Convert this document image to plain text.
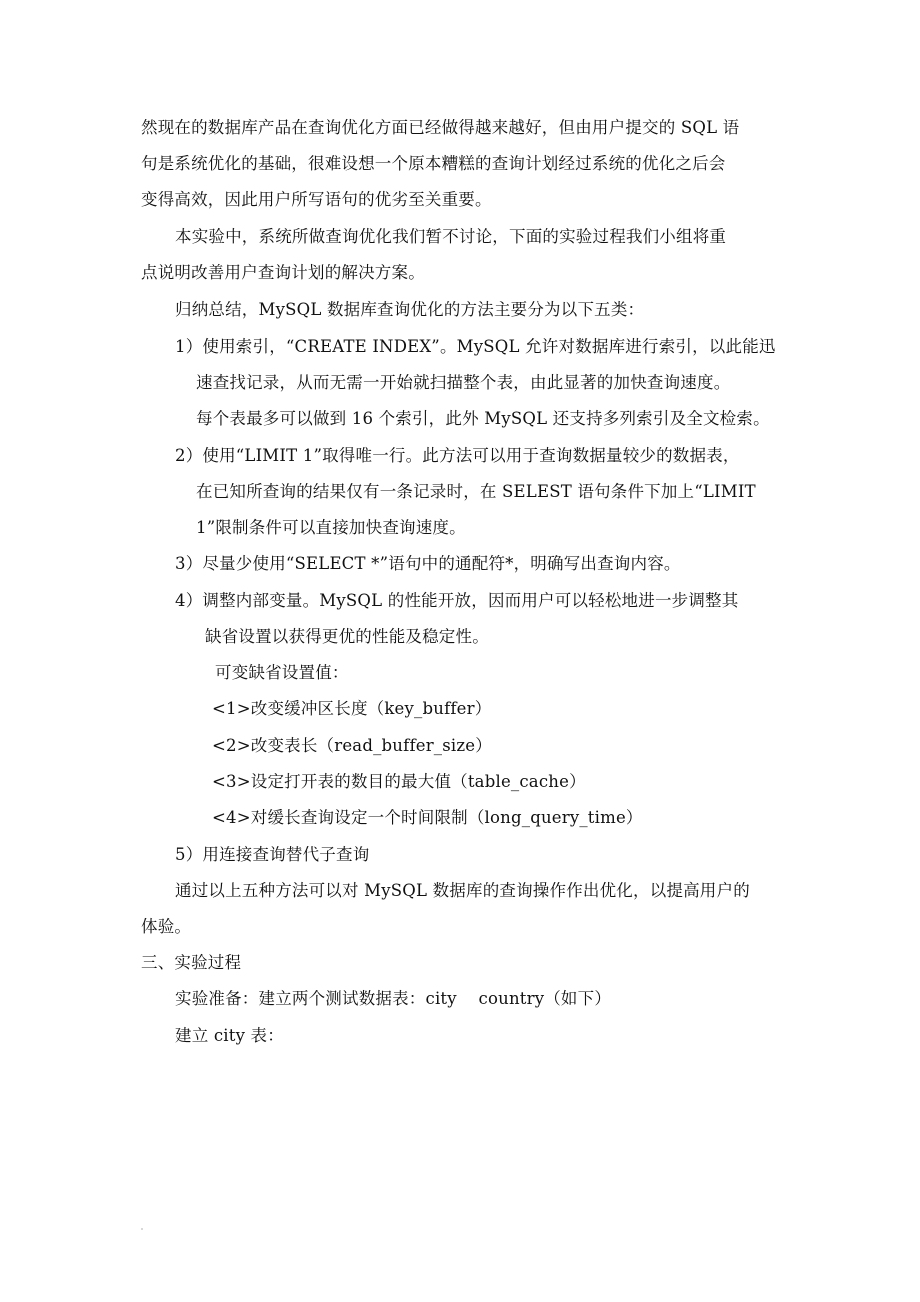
然现在的数据库产品在查询优化方面已经做得越来越好，但由用户提交的 SQL 语
句是系统优化的基础，很难设想一个原本糟糕的查询计划经过系统的优化之后会
变得高效，因此用户所写语句的优劣至关重要。
本实验中，系统所做查询优化我们暂不讨论，下面的实验过程我们小组将重
点说明改善用户查询计划的解决方案。
归纳总结，MySQL 数据库查询优化的方法主要分为以下五类：
1）使用索引，“CREATE INDEX”。MySQL 允许对数据库进行索引，以此能迅
速查找记录，从而无需一开始就扫描整个表，由此显著的加快查询速度。
每个表最多可以做到 16 个索引，此外 MySQL 还支持多列索引及全文检索。
2）使用“LIMIT 1”取得唯一行。此方法可以用于查询数据量较少的数据表，
在已知所查询的结果仅有一条记录时，在 SELEST 语句条件下加上“LIMIT
1”限制条件可以直接加快查询速度。
3）尽量少使用“SELECT *”语句中的通配符*，明确写出查询内容。
4）调整内部变量。MySQL 的性能开放，因而用户可以轻松地进一步调整其
缺省设置以获得更优的性能及稳定性。
可变缺省设置值：
<1>改变缓冲区长度（key_buffer）
<2>改变表长（read_buffer_size）
<3>设定打开表的数目的最大值（table_cache）
<4>对缓长查询设定一个时间限制（long_query_time）
5）用连接查询替代子查询
通过以上五种方法可以对 MySQL 数据库的查询操作作出优化，以提高用户的
体验。
三、实验过程
实验准备：建立两个测试数据表：city    country（如下）
建立 city 表：
